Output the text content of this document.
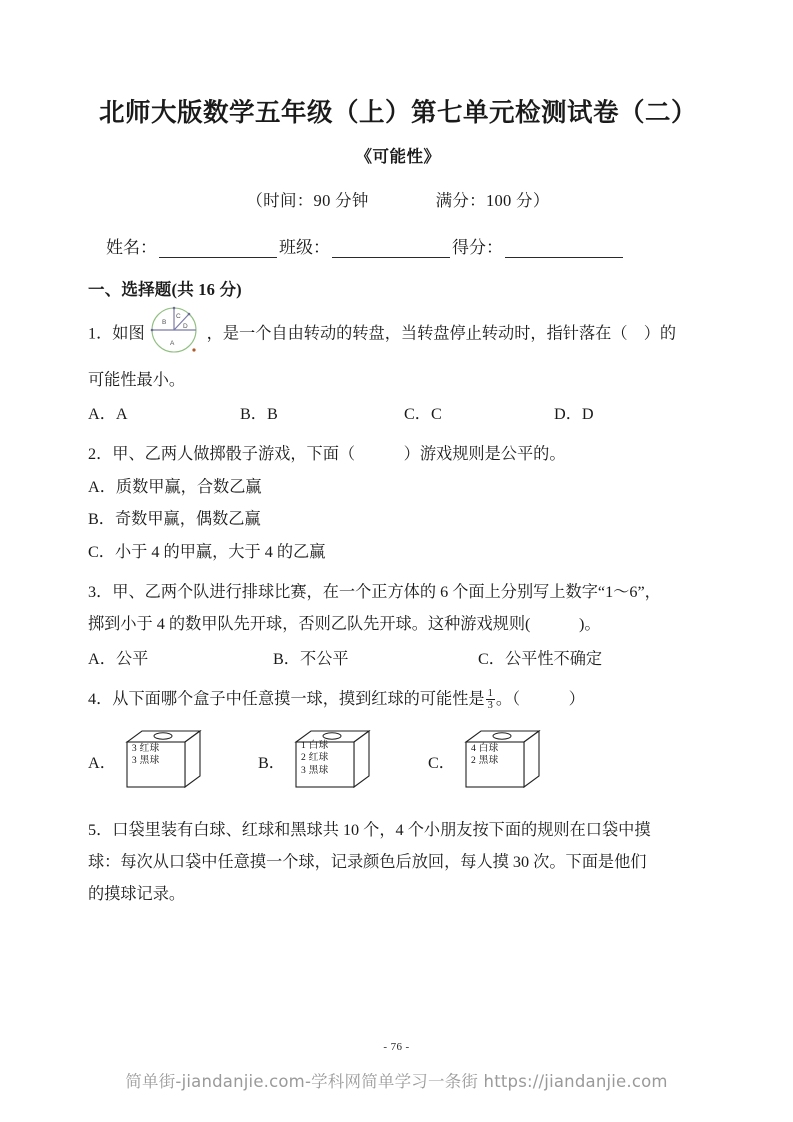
北师大版数学五年级（上）第七单元检测试卷（二）
《可能性》
（时间：90 分钟	满分：100 分）
姓名：	班级：	得分：
一、选择题(共 16 分)
1．如图
B
C
D
A
，是一个自由转动的转盘，当转盘停止转动时，指针落在（　）的
可能性最小。
A．A	B．B	C．C	D．D
2．甲、乙两人做掷骰子游戏，下面（　　　）游戏规则是公平的。
A．质数甲赢，合数乙赢
B．奇数甲赢，偶数乙赢
C．小于 4 的甲赢，大于 4 的乙赢
3．甲、乙两个队进行排球比赛，在一个正方体的 6 个面上分别写上数字“1～6”，
掷到小于 4 的数甲队先开球，否则乙队先开球。这种游戏规则(　　　)。
A．公平	B．不公平	C．公平性不确定
4．从下面哪个盒子中任意摸一球，摸到红球的可能性是 $\frac{1}{3}$ 。（　　　）
A．
3 红球
3 黑球	B．
1 白球
2 红球
3 黑球	C．
4 白球
2 黑球
5．口袋里装有白球、红球和黑球共 10 个，4 个小朋友按下面的规则在口袋中摸
球：每次从口袋中任意摸一个球，记录颜色后放回，每人摸 30 次。下面是他们
的摸球记录。
- 76 -
简单街-jiandanjie.com-学科网简单学习一条街 https://jiandanjie.com
